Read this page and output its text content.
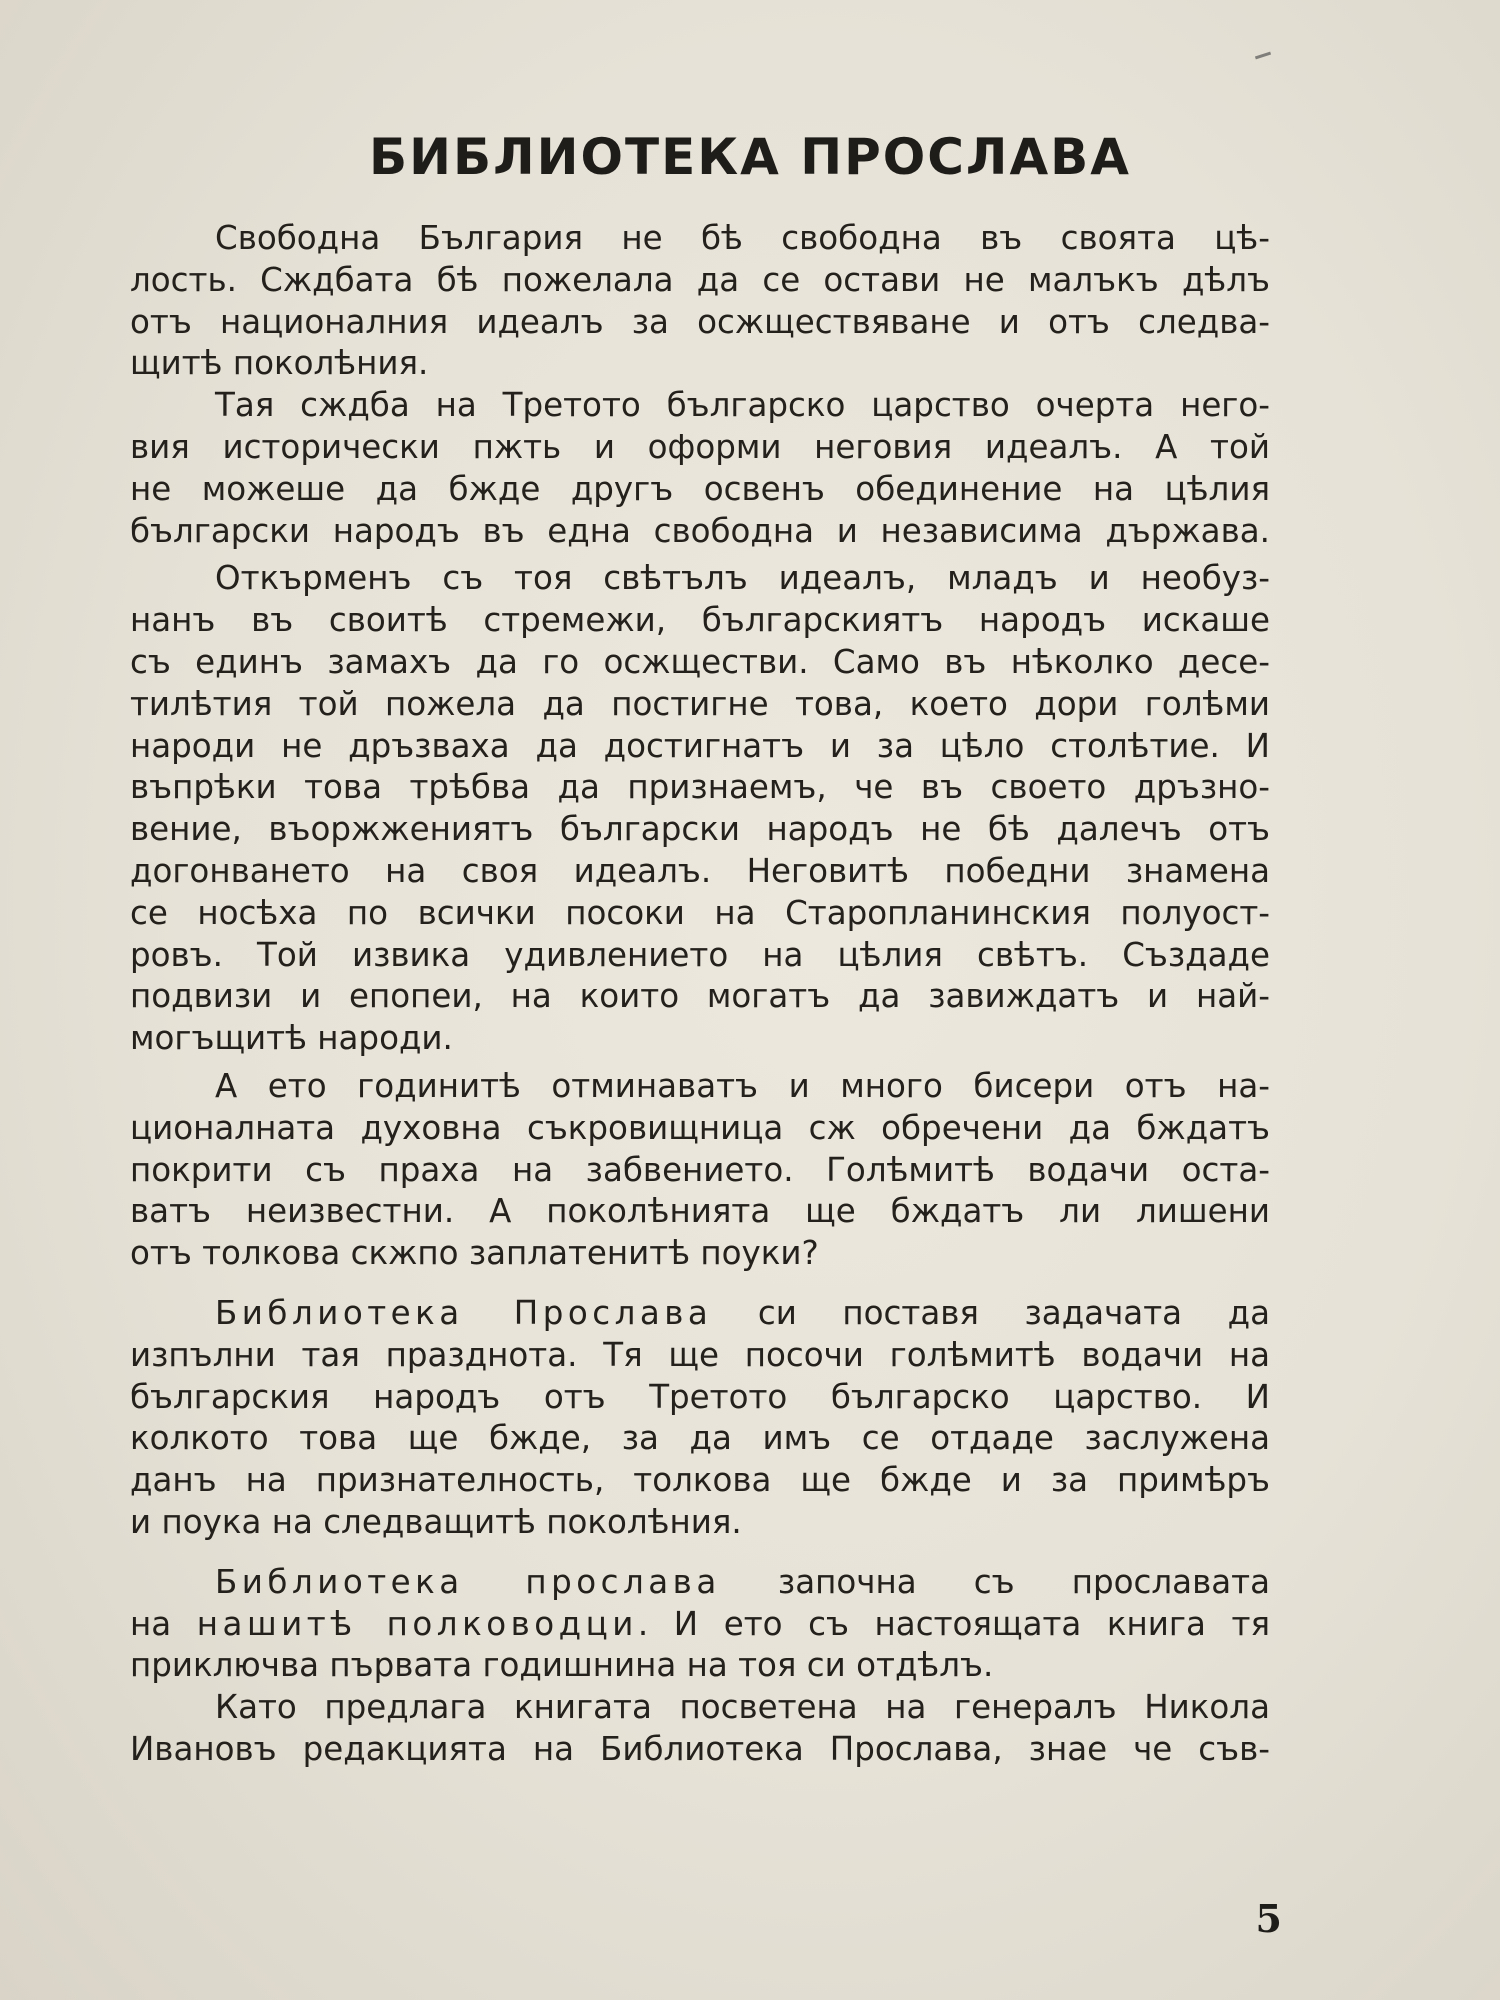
БИБЛИОТЕКА ПРОСЛАВА
Свободна България не бѣ свободна въ своята цѣ-
лость. Сждбата бѣ пожелала да се остави не малъкъ дѣлъ
отъ националния идеалъ за осжществяване и отъ следва-
щитѣ поколѣния.
Тая сждба на Третото българско царство очерта него-
вия исторически пжть и оформи неговия идеалъ. А той
не можеше да бжде другъ освенъ обединение на цѣлия
български народъ въ една свободна и независима държава.
Откърменъ съ тоя свѣтълъ идеалъ, младъ и необуз-
нанъ въ своитѣ стремежи, българскиятъ народъ искаше
съ единъ замахъ да го осжществи. Само въ нѣколко десе-
тилѣтия той пожела да постигне това, което дори голѣми
народи не дръзваха да достигнатъ и за цѣло столѣтие. И
въпрѣки това трѣбва да признаемъ, че въ своето дръзно-
вение, въоржжениятъ български народъ не бѣ далечъ отъ
догонването на своя идеалъ. Неговитѣ победни знамена
се носѣха по всички посоки на Старопланинския полуост-
ровъ. Той извика удивлението на цѣлия свѣтъ. Създаде
подвизи и епопеи, на които могатъ да завиждатъ и най-
могъщитѣ народи.
А ето годинитѣ отминаватъ и много бисери отъ на-
ционалната духовна съкровищница сж обречени да бждатъ
покрити съ праха на забвението. Голѣмитѣ водачи оста-
ватъ неизвестни. А поколѣнията ще бждатъ ли лишени
отъ толкова скжпо заплатенитѣ поуки?
Библиотека Прослава си поставя задачата да
изпълни тая празднота. Тя ще посочи голѣмитѣ водачи на
българския народъ отъ Третото българско царство. И
колкото това ще бжде, за да имъ се отдаде заслужена
данъ на признателность, толкова ще бжде и за примѣръ
и поука на следващитѣ поколѣния.
Библиотека прослава започна съ прославата
на нашитѣ полководци. И ето съ настоящата книга тя
приключва първата годишнина на тоя си отдѣлъ.
Като предлага книгата посветена на генералъ Никола
Ивановъ редакцията на Библиотека Прослава, знае че съв-
5
